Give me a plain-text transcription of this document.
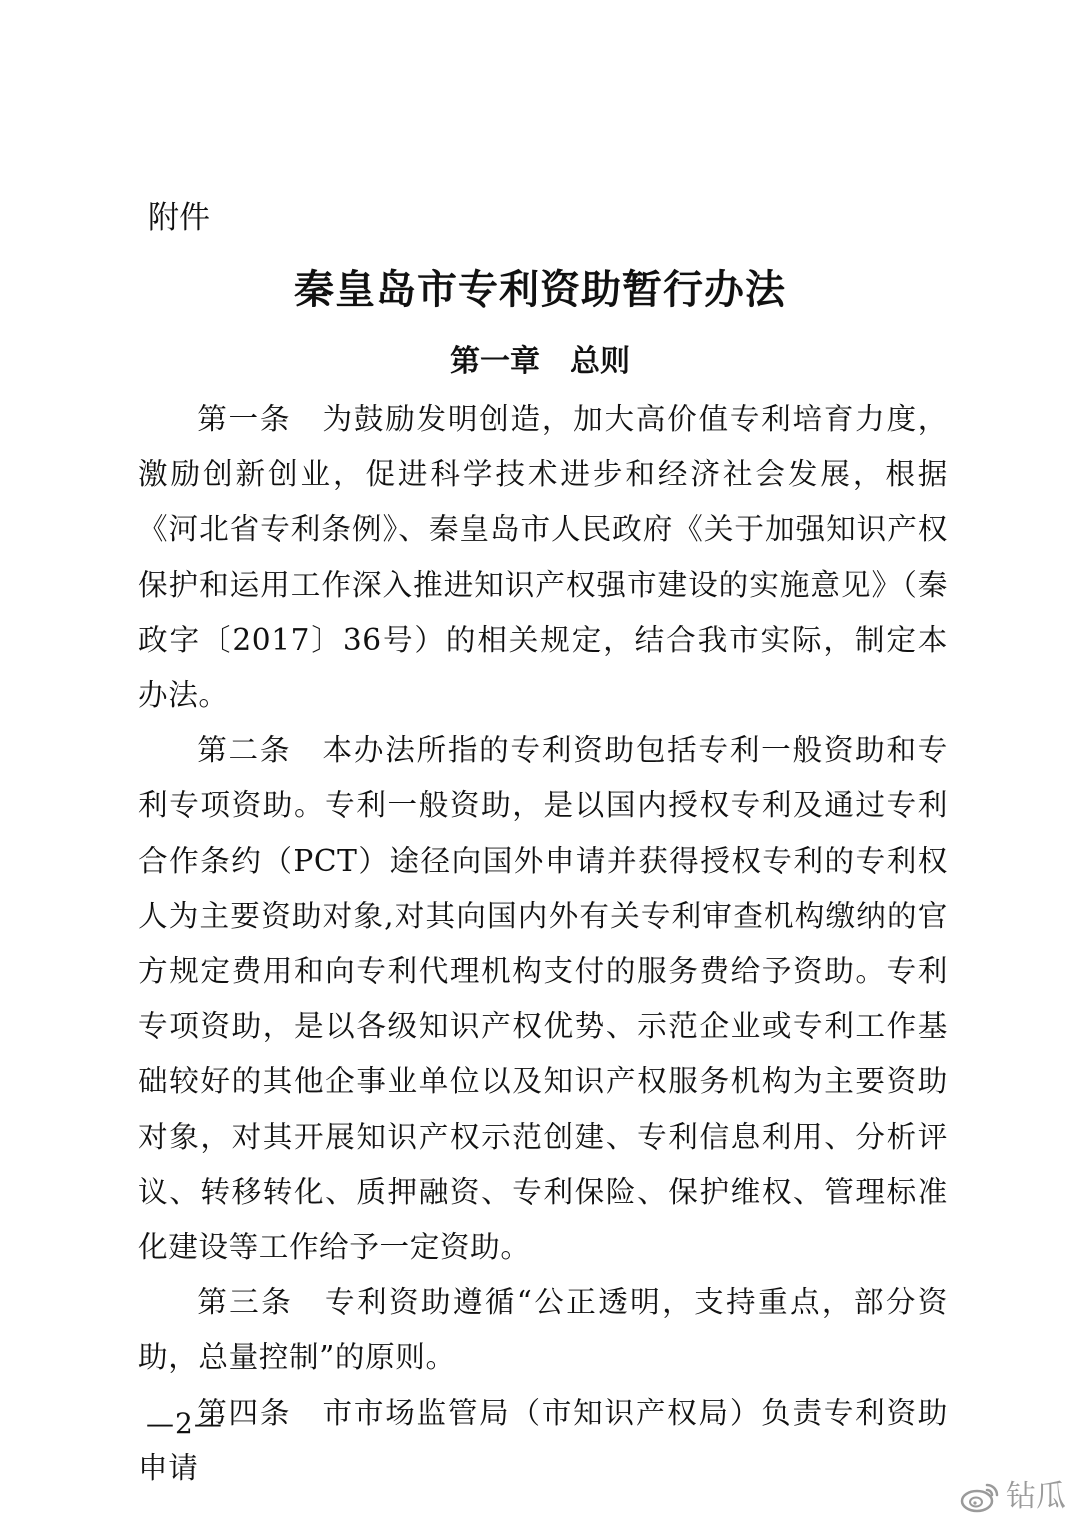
附件
秦皇岛市专利资助暂行办法
第一章　总则

第一条 为鼓励发明创造，加大高价值专利培育力度，激励创新创业，促进科学技术进步和经济社会发展，根据《河北省专利条例》、秦皇岛市人民政府《关于加强知识产权保护和运用工作深入推进知识产权强市建设的实施意见》（秦政字〔2017〕36号）的相关规定，结合我市实际，制定本办法。

第二条 本办法所指的专利资助包括专利一般资助和专利专项资助。专利一般资助，是以国内授权专利及通过专利合作条约（PCT）途径向国外申请并获得授权专利的专利权人为主要资助对象,对其向国内外有关专利审查机构缴纳的官方规定费用和向专利代理机构支付的服务费给予资助。专利专项资助，是以各级知识产权优势、示范企业或专利工作基础较好的其他企事业单位以及知识产权服务机构为主要资助对象，对其开展知识产权示范创建、专利信息利用、分析评议、转移转化、质押融资、专利保险、保护维权、管理标准化建设等工作给予一定资助。

第三条 专利资助遵循“公正透明，支持重点，部分资助，总量控制”的原则。

第四条 市市场监管局（市知识产权局）负责专利资助申请

—2—
钻瓜
